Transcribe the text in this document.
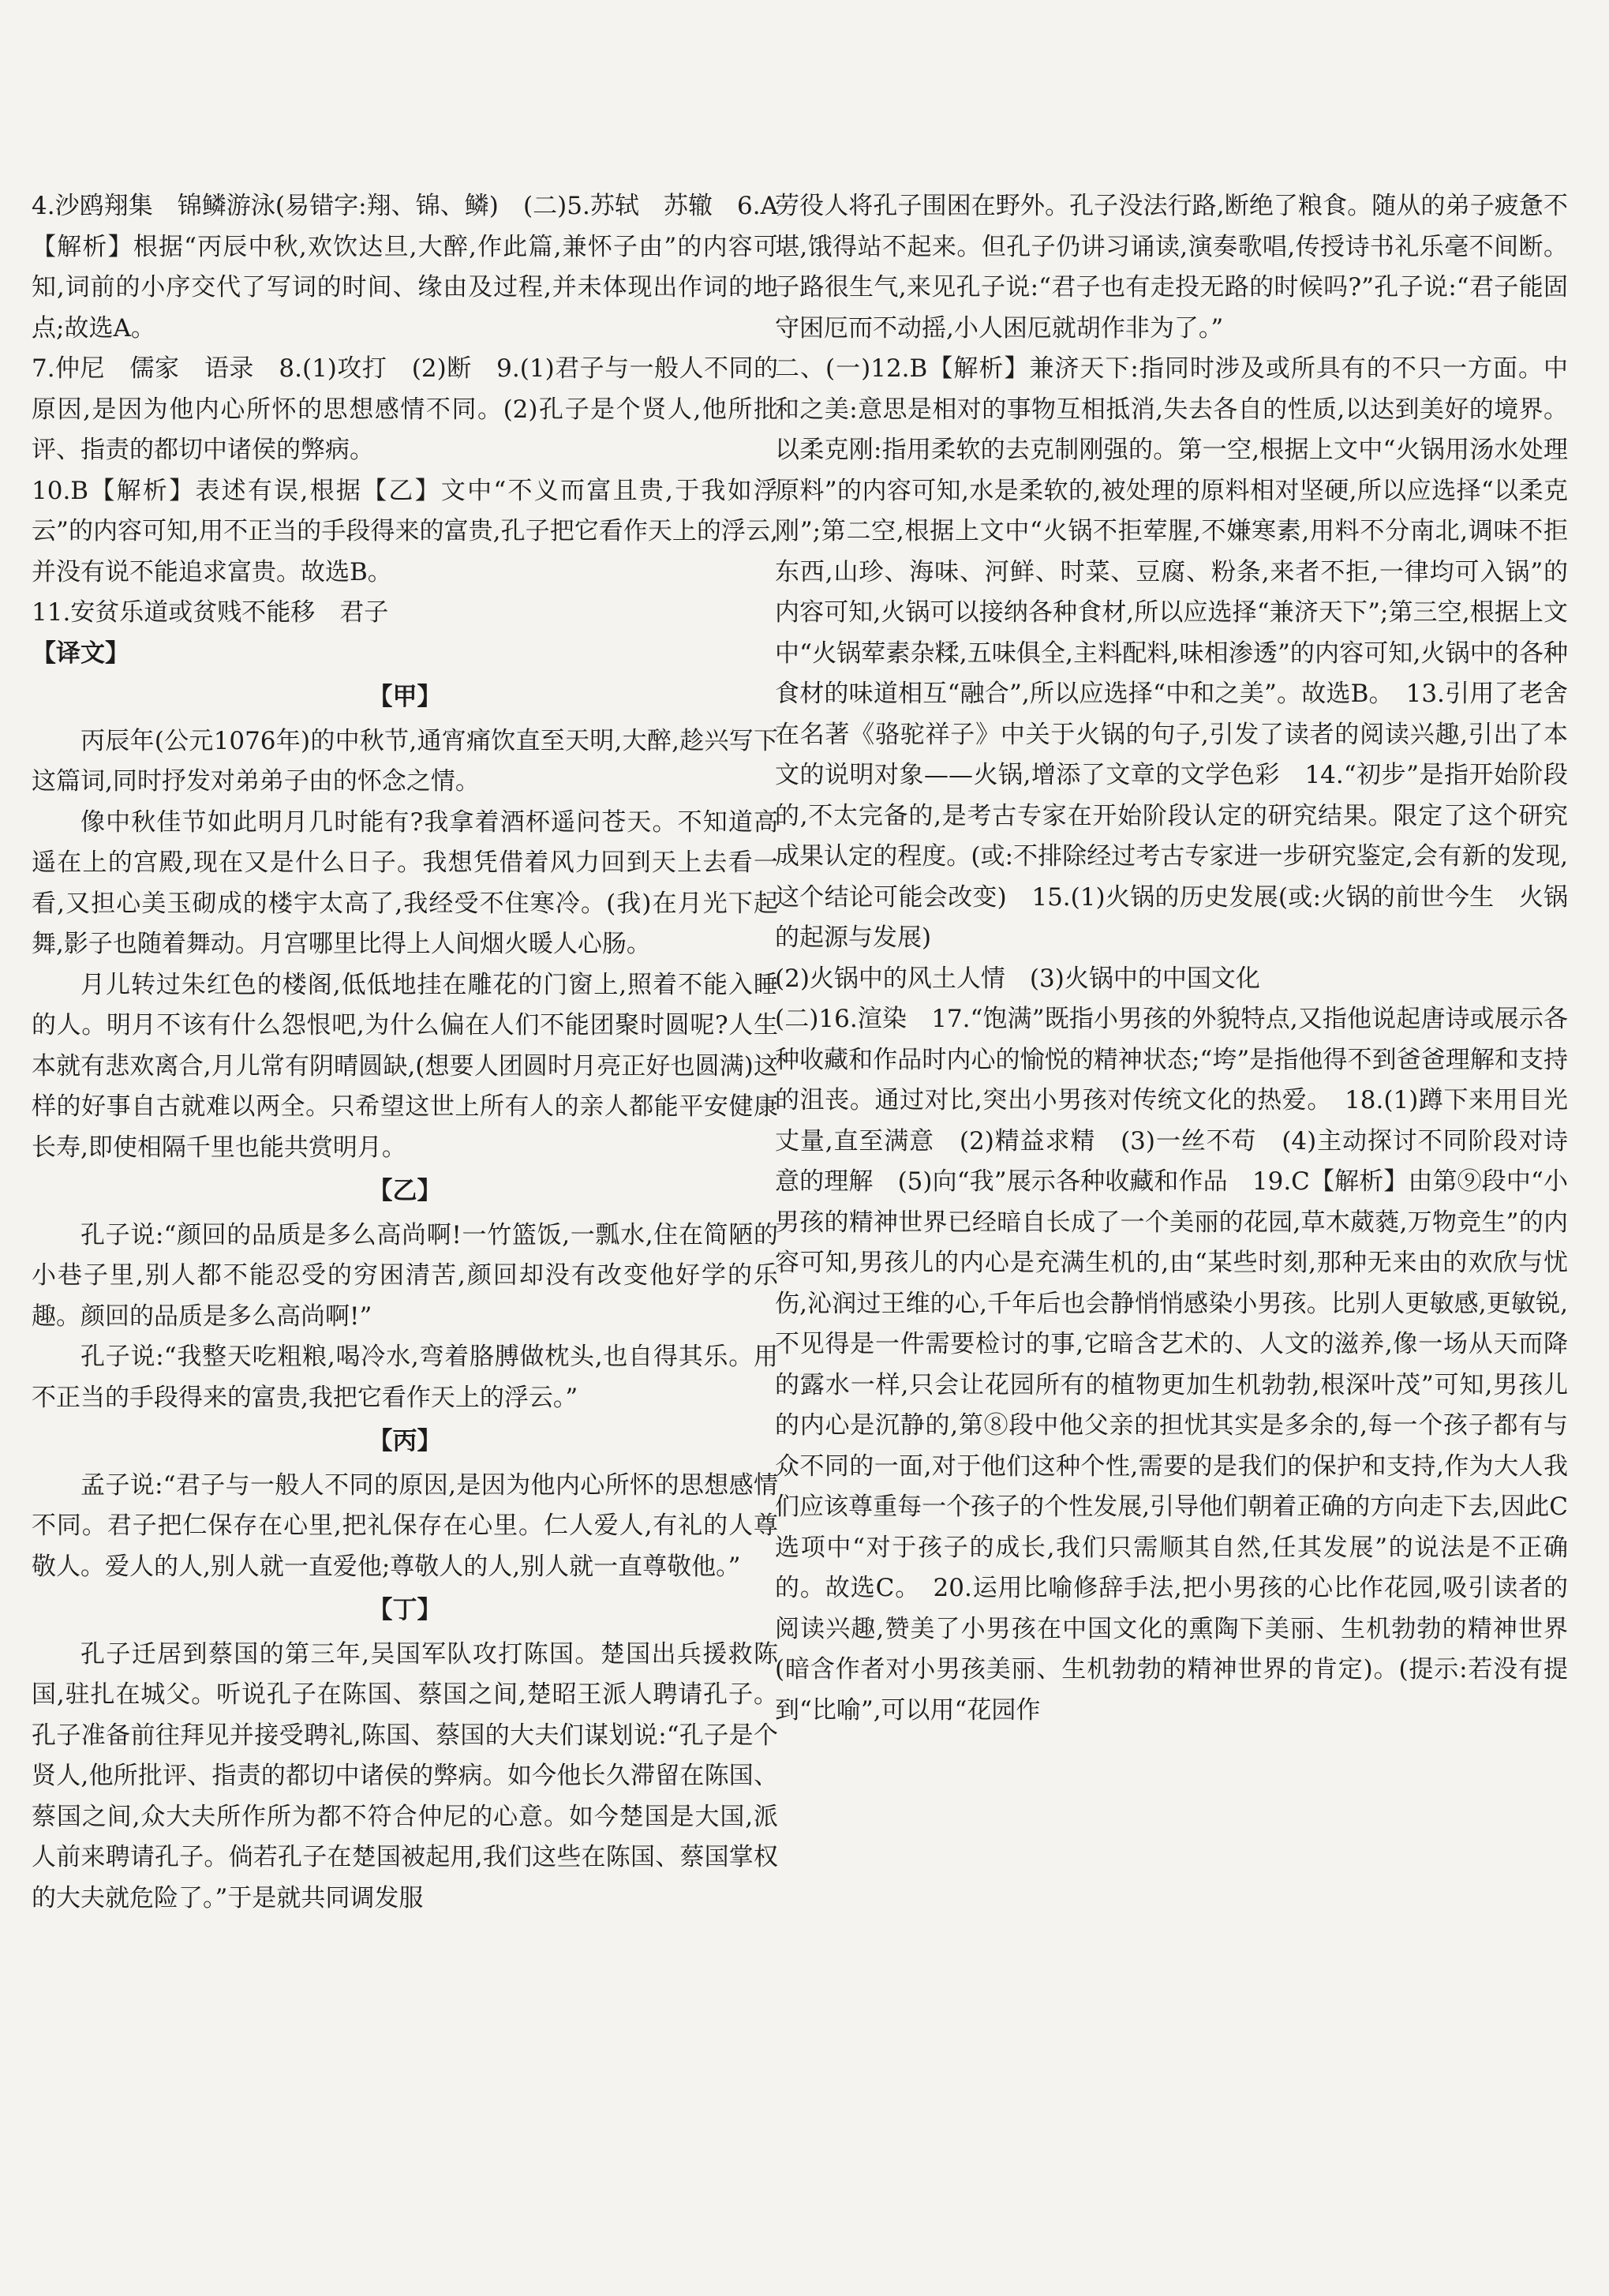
4.沙鸥翔集　锦鳞游泳(易错字:翔、锦、鳞)　(二)5.苏轼　苏辙　6.A【解析】根据“丙辰中秋,欢饮达旦,大醉,作此篇,兼怀子由”的内容可知,词前的小序交代了写词的时间、缘由及过程,并未体现出作词的地点;故选A。

7.仲尼　儒家　语录　8.(1)攻打　(2)断　9.(1)君子与一般人不同的原因,是因为他内心所怀的思想感情不同。(2)孔子是个贤人,他所批评、指责的都切中诸侯的弊病。

10.B【解析】表述有误,根据【乙】文中“不义而富且贵,于我如浮云”的内容可知,用不正当的手段得来的富贵,孔子把它看作天上的浮云,并没有说不能追求富贵。故选B。

11.安贫乐道或贫贱不能移　君子

【译文】

【甲】

丙辰年(公元1076年)的中秋节,通宵痛饮直至天明,大醉,趁兴写下这篇词,同时抒发对弟弟子由的怀念之情。

像中秋佳节如此明月几时能有?我拿着酒杯遥问苍天。不知道高遥在上的宫殿,现在又是什么日子。我想凭借着风力回到天上去看一看,又担心美玉砌成的楼宇太高了,我经受不住寒冷。(我)在月光下起舞,影子也随着舞动。月宫哪里比得上人间烟火暖人心肠。

月儿转过朱红色的楼阁,低低地挂在雕花的门窗上,照着不能入睡的人。明月不该有什么怨恨吧,为什么偏在人们不能团聚时圆呢?人生本就有悲欢离合,月儿常有阴晴圆缺,(想要人团圆时月亮正好也圆满)这样的好事自古就难以两全。只希望这世上所有人的亲人都能平安健康长寿,即使相隔千里也能共赏明月。

【乙】

孔子说:“颜回的品质是多么高尚啊!一竹篮饭,一瓢水,住在简陋的小巷子里,别人都不能忍受的穷困清苦,颜回却没有改变他好学的乐趣。颜回的品质是多么高尚啊!”

孔子说:“我整天吃粗粮,喝冷水,弯着胳膊做枕头,也自得其乐。用不正当的手段得来的富贵,我把它看作天上的浮云。”

【丙】

孟子说:“君子与一般人不同的原因,是因为他内心所怀的思想感情不同。君子把仁保存在心里,把礼保存在心里。仁人爱人,有礼的人尊敬人。爱人的人,别人就一直爱他;尊敬人的人,别人就一直尊敬他。”

【丁】

孔子迁居到蔡国的第三年,吴国军队攻打陈国。楚国出兵援救陈国,驻扎在城父。听说孔子在陈国、蔡国之间,楚昭王派人聘请孔子。孔子准备前往拜见并接受聘礼,陈国、蔡国的大夫们谋划说:“孔子是个贤人,他所批评、指责的都切中诸侯的弊病。如今他长久滞留在陈国、蔡国之间,众大夫所作所为都不符合仲尼的心意。如今楚国是大国,派人前来聘请孔子。倘若孔子在楚国被起用,我们这些在陈国、蔡国掌权的大夫就危险了。”于是就共同调发服

劳役人将孔子围困在野外。孔子没法行路,断绝了粮食。随从的弟子疲惫不堪,饿得站不起来。但孔子仍讲习诵读,演奏歌唱,传授诗书礼乐毫不间断。子路很生气,来见孔子说:“君子也有走投无路的时候吗?”孔子说:“君子能固守困厄而不动摇,小人困厄就胡作非为了。”

二、(一)12.B【解析】兼济天下:指同时涉及或所具有的不只一方面。中和之美:意思是相对的事物互相抵消,失去各自的性质,以达到美好的境界。以柔克刚:指用柔软的去克制刚强的。第一空,根据上文中“火锅用汤水处理原料”的内容可知,水是柔软的,被处理的原料相对坚硬,所以应选择“以柔克刚”;第二空,根据上文中“火锅不拒荤腥,不嫌寒素,用料不分南北,调味不拒东西,山珍、海味、河鲜、时菜、豆腐、粉条,来者不拒,一律均可入锅”的内容可知,火锅可以接纳各种食材,所以应选择“兼济天下”;第三空,根据上文中“火锅荤素杂糅,五味俱全,主料配料,味相渗透”的内容可知,火锅中的各种食材的味道相互“融合”,所以应选择“中和之美”。故选B。　13.引用了老舍在名著《骆驼祥子》中关于火锅的句子,引发了读者的阅读兴趣,引出了本文的说明对象——火锅,增添了文章的文学色彩　14.“初步”是指开始阶段的,不太完备的,是考古专家在开始阶段认定的研究结果。限定了这个研究成果认定的程度。(或:不排除经过考古专家进一步研究鉴定,会有新的发现,这个结论可能会改变)　15.(1)火锅的历史发展(或:火锅的前世今生　火锅的起源与发展)

(2)火锅中的风土人情　(3)火锅中的中国文化

(二)16.渲染　17.“饱满”既指小男孩的外貌特点,又指他说起唐诗或展示各种收藏和作品时内心的愉悦的精神状态;“垮”是指他得不到爸爸理解和支持的沮丧。通过对比,突出小男孩对传统文化的热爱。　18.(1)蹲下来用目光丈量,直至满意　(2)精益求精　(3)一丝不苟　(4)主动探讨不同阶段对诗意的理解　(5)向“我”展示各种收藏和作品　19.C【解析】由第⑨段中“小男孩的精神世界已经暗自长成了一个美丽的花园,草木葳蕤,万物竞生”的内容可知,男孩儿的内心是充满生机的,由“某些时刻,那种无来由的欢欣与忧伤,沁润过王维的心,千年后也会静悄悄感染小男孩。比别人更敏感,更敏锐,不见得是一件需要检讨的事,它暗含艺术的、人文的滋养,像一场从天而降的露水一样,只会让花园所有的植物更加生机勃勃,根深叶茂”可知,男孩儿的内心是沉静的,第⑧段中他父亲的担忧其实是多余的,每一个孩子都有与众不同的一面,对于他们这种个性,需要的是我们的保护和支持,作为大人我们应该尊重每一个孩子的个性发展,引导他们朝着正确的方向走下去,因此C选项中“对于孩子的成长,我们只需顺其自然,任其发展”的说法是不正确的。故选C。　20.运用比喻修辞手法,把小男孩的心比作花园,吸引读者的阅读兴趣,赞美了小男孩在中国文化的熏陶下美丽、生机勃勃的精神世界(暗含作者对小男孩美丽、生机勃勃的精神世界的肯定)。(提示:若没有提到“比喻”,可以用“花园作
